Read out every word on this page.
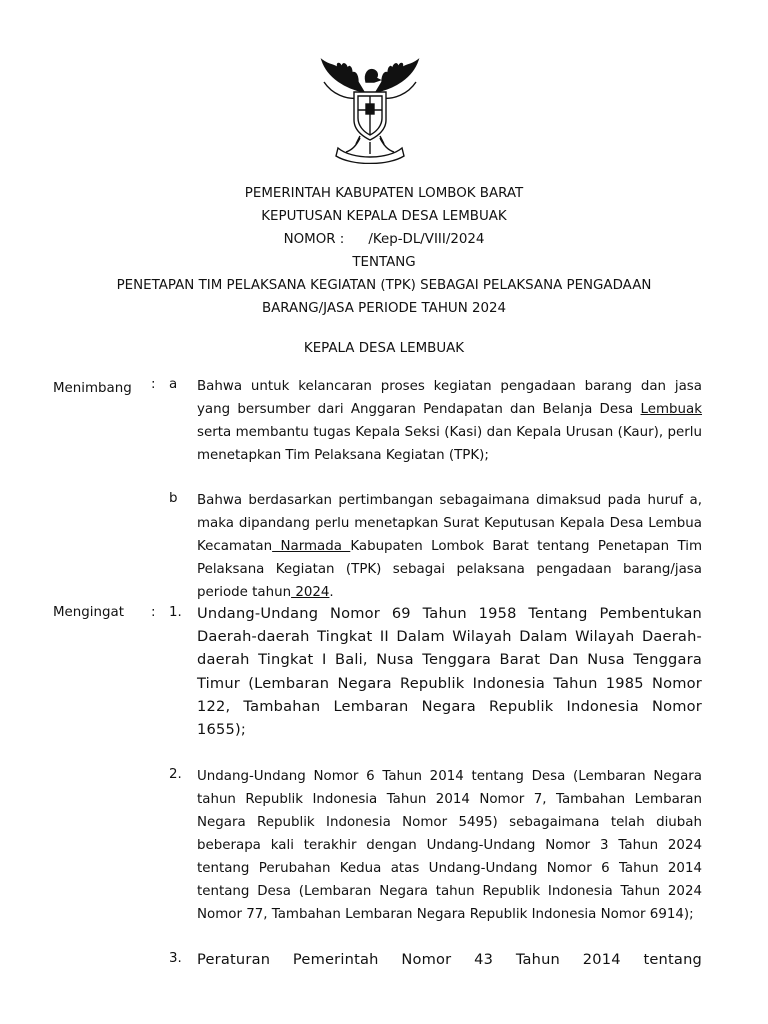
PEMERINTAH KABUPATEN LOMBOK BARAT
KEPUTUSAN KEPALA DESA LEMBUAK
NOMOR : /Kep-DL/VIII/2024
TENTANG
PENETAPAN TIM PELAKSANA KEGIATAN (TPK) SEBAGAI PELAKSANA PENGADAAN
BARANG/JASA PERIODE TAHUN 2024
KEPALA DESA LEMBUAK
Menimbang	: a Bahwa untuk kelancaran proses kegiatan pengadaan barang dan jasa yang bersumber dari Anggaran Pendapatan dan Belanja Desa Lembuak serta membantu tugas Kepala Seksi (Kasi) dan Kepala Urusan (Kaur), perlu menetapkan Tim Pelaksana Kegiatan (TPK);
b Bahwa berdasarkan pertimbangan sebagaimana dimaksud pada huruf a, maka dipandang perlu menetapkan Surat Keputusan Kepala Desa Lembua Kecamatan Narmada Kabupaten Lombok Barat tentang Penetapan Tim Pelaksana Kegiatan (TPK) sebagai pelaksana pengadaan barang/jasa periode tahun 2024.
Mengingat : 1. Undang-Undang Nomor 69 Tahun 1958 Tentang Pembentukan Daerah-daerah Tingkat II Dalam Wilayah Dalam Wilayah Daerah-daerah Tingkat I Bali, Nusa Tenggara Barat Dan Nusa Tenggara Timur (Lembaran Negara Republik Indonesia Tahun 1985 Nomor 122, Tambahan Lembaran Negara Republik Indonesia Nomor 1655);
2. Undang-Undang Nomor 6 Tahun 2014 tentang Desa (Lembaran Negara tahun Republik Indonesia Tahun 2014 Nomor 7, Tambahan Lembaran Negara Republik Indonesia Nomor 5495) sebagaimana telah diubah beberapa kali terakhir dengan Undang-Undang Nomor 3 Tahun 2024 tentang Perubahan Kedua atas Undang-Undang Nomor 6 Tahun 2014 tentang Desa (Lembaran Negara tahun Republik Indonesia Tahun 2024 Nomor 77, Tambahan Lembaran Negara Republik Indonesia Nomor 6914);
3. Peraturan Pemerintah Nomor 43 Tahun 2014 tentang
